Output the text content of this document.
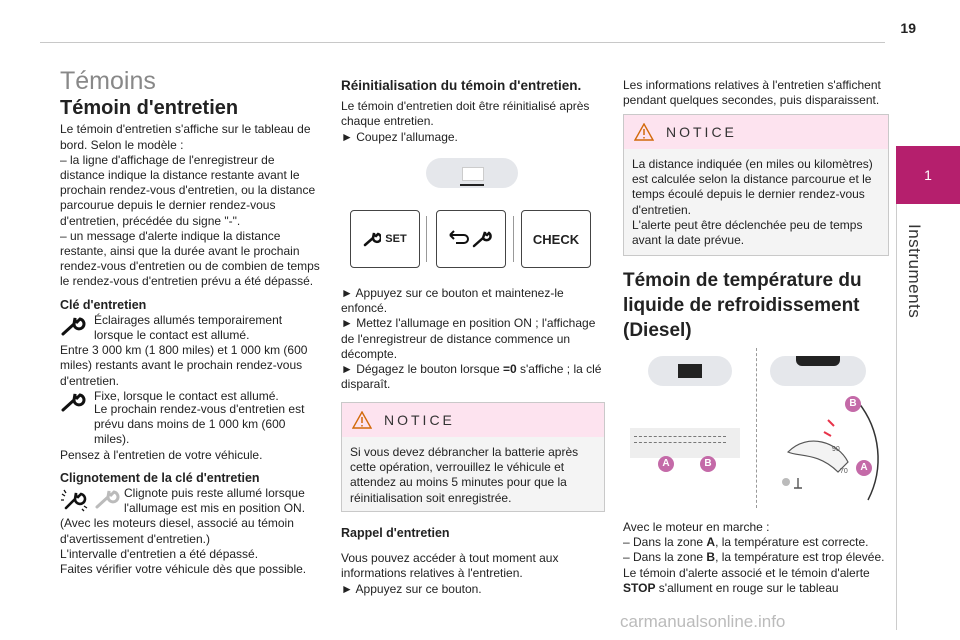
19
1
Instruments

Témoins

Témoin d'entretien

Le témoin d'entretien s'affiche sur le tableau de bord. Selon le modèle :

– la ligne d'affichage de l'enregistreur de distance indique la distance restante avant le prochain rendez-vous d'entretien, ou la distance parcourue depuis le dernier rendez-vous d'entretien, précédée du signe "-".

– un message d'alerte indique la distance restante, ainsi que la durée avant le prochain rendez-vous d'entretien ou de combien de temps le rendez-vous d'entretien prévu a été dépassé.

Clé d'entretien

Éclairages allumés temporairement lorsque le contact est allumé.

Entre 3 000 km (1 800 miles) et 1 000 km (600 miles) restants avant le prochain rendez-vous d'entretien.

Fixe, lorsque le contact est allumé.

Le prochain rendez-vous d'entretien est prévu dans moins de 1 000 km (600 miles).

Pensez à l'entretien de votre véhicule.

Clignotement de la clé d'entretien

Clignote puis reste allumé lorsque l'allumage est mis en position ON.

(Avec les moteurs diesel, associé au témoin d'avertissement d'entretien.)

L'intervalle d'entretien a été dépassé.

Faites vérifier votre véhicule dès que possible.

Réinitialisation du témoin d'entretien.

Le témoin d'entretien doit être réinitialisé après chaque entretien.

► Coupez l'allumage.

SET	CHECK

► Appuyez sur ce bouton et maintenez-le enfoncé.

► Mettez l'allumage en position ON ; l'affichage de l'enregistreur de distance commence un décompte.

► Dégagez le bouton lorsque =0 s'affiche ; la clé disparaît.

NOTICE
Si vous devez débrancher la batterie après cette opération, verrouillez le véhicule et attendez au moins 5 minutes pour que la réinitialisation soit enregistrée.

Rappel d'entretien

Vous pouvez accéder à tout moment aux informations relatives à l'entretien.

► Appuyez sur ce bouton.

Les informations relatives à l'entretien s'affichent pendant quelques secondes, puis disparaissent.

NOTICE

La distance indiquée (en miles ou kilomètres) est calculée selon la distance parcourue et le temps écoulé depuis le dernier rendez-vous d'entretien.

L'alerte peut être déclenchée peu de temps avant la date prévue.

Témoin de température du liquide de refroidissement (Diesel)

A	B
B
A
90
70

Avec le moteur en marche :

– Dans la zone A, la température est correcte.

– Dans la zone B, la température est trop élevée. Le témoin d'alerte associé et le témoin d'alerte STOP s'allument en rouge sur le tableau

carmanualsonline.info
